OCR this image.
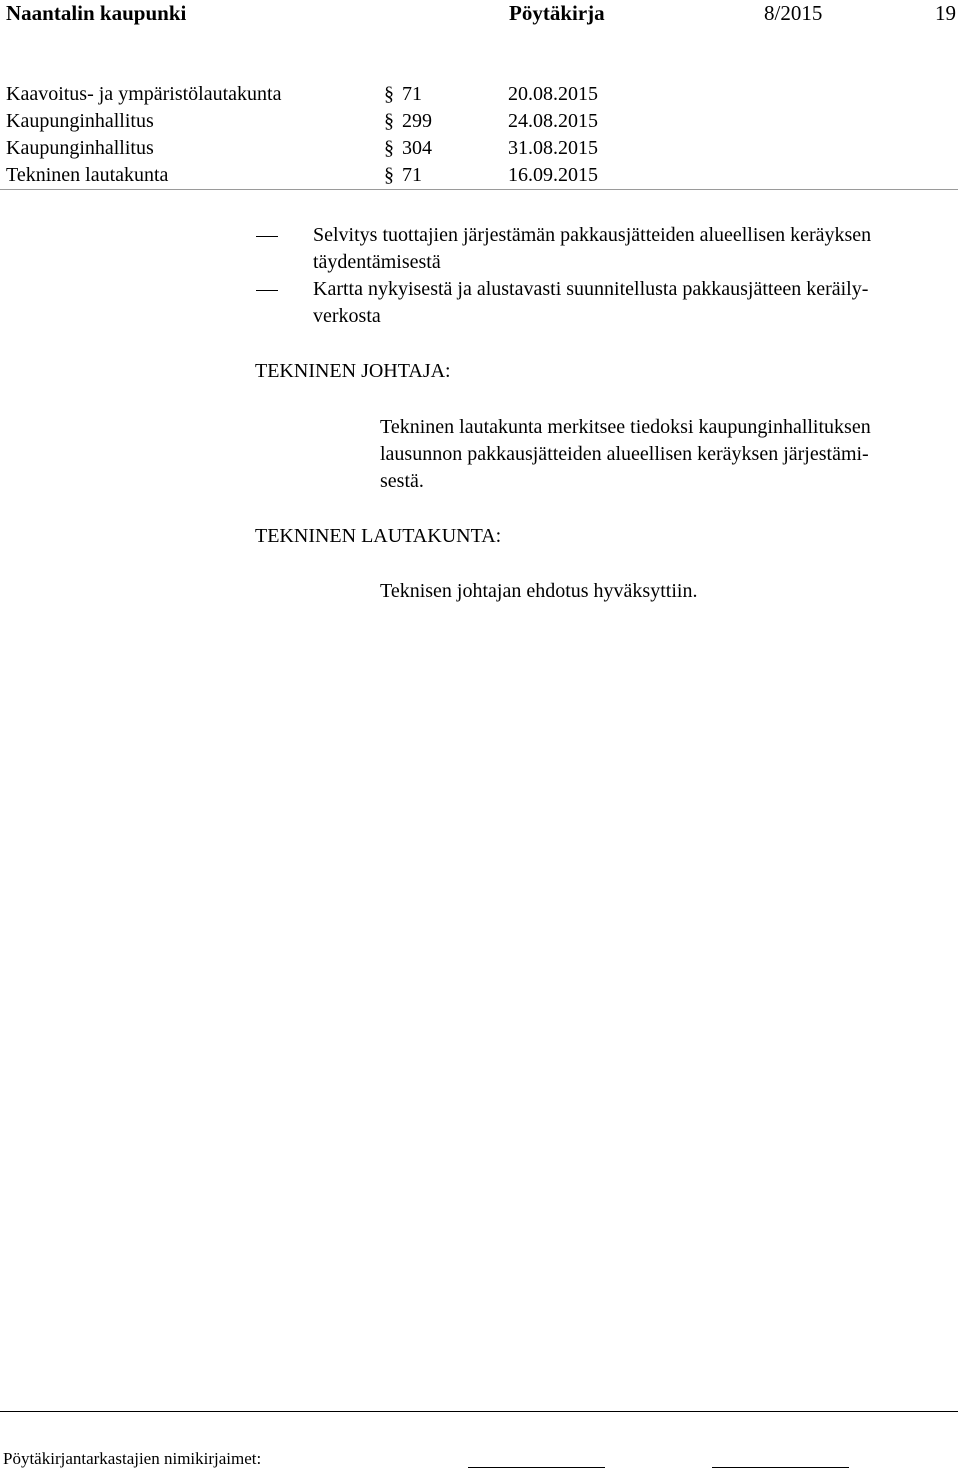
Naantalin kaupunki	Pöytäkirja	8/2015	19
Kaavoitus- ja ympäristölautakunta	§ 71	20.08.2015
Kaupunginhallitus	§ 299	24.08.2015
Kaupunginhallitus	§ 304	31.08.2015
Tekninen lautakunta	§ 71	16.09.2015
Selvitys tuottajien järjestämän pakkausjätteiden alueellisen keräyksen
täydentämisestä
Kartta nykyisestä ja alustavasti suunnitellusta pakkausjätteen keräily-
verkosta
TEKNINEN JOHTAJA:
Tekninen lautakunta merkitsee tiedoksi kaupunginhallituksen
lausunnon pakkausjätteiden alueellisen keräyksen järjestämi-
sestä.
TEKNINEN LAUTAKUNTA:
Teknisen johtajan ehdotus hyväksyttiin.
Pöytäkirjantarkastajien nimikirjaimet:
